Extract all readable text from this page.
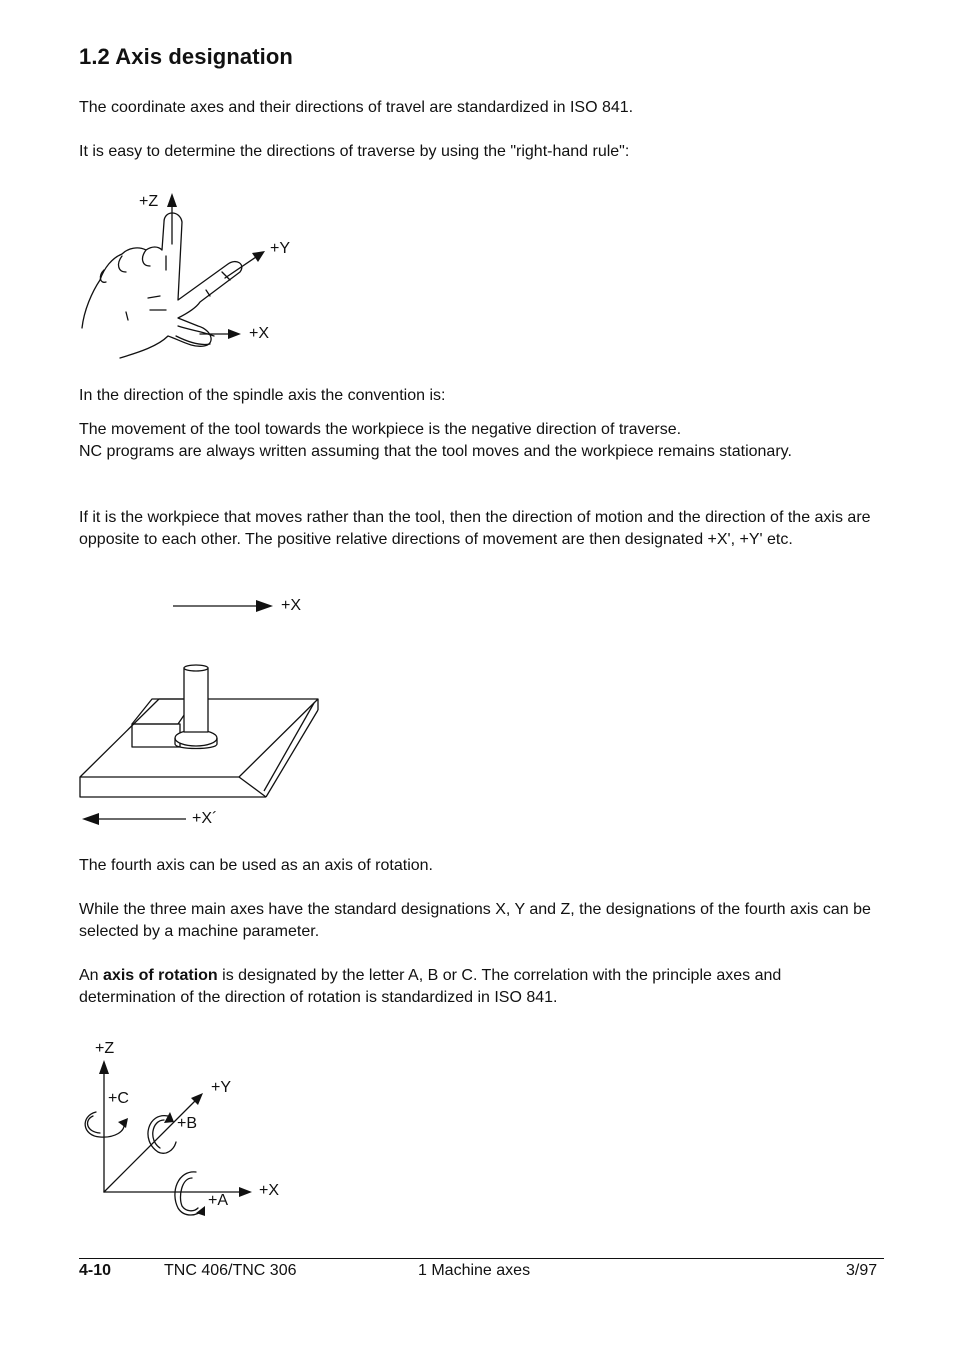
1.2 Axis designation
The coordinate axes and their directions of travel are standardized in ISO 841.
It is easy to determine the directions of traverse by using the "right-hand rule":
+Z
+Y
+X
In the direction of the spindle axis the convention is:
The movement of the tool towards the workpiece is the negative direction of traverse.
NC programs are always written assuming that the tool moves and the workpiece remains stationary.
If it is the workpiece that moves rather than the tool, then the direction of motion and the direction of the axis are opposite to each other. The positive relative directions of movement are then designated +X', +Y' etc.
+X
+X´
The fourth axis can be used as an axis of rotation.
While the three main axes have the standard designations X, Y and Z, the designations of the fourth axis can be selected by a machine parameter.
An axis of rotation is designated by the letter A, B or C. The correlation with the principle axes and determination of the direction of rotation is standardized in ISO 841.
+Z
+C
+Y
+B
+X
+A
4-10	TNC 406/TNC 306	1 Machine axes	3/97
